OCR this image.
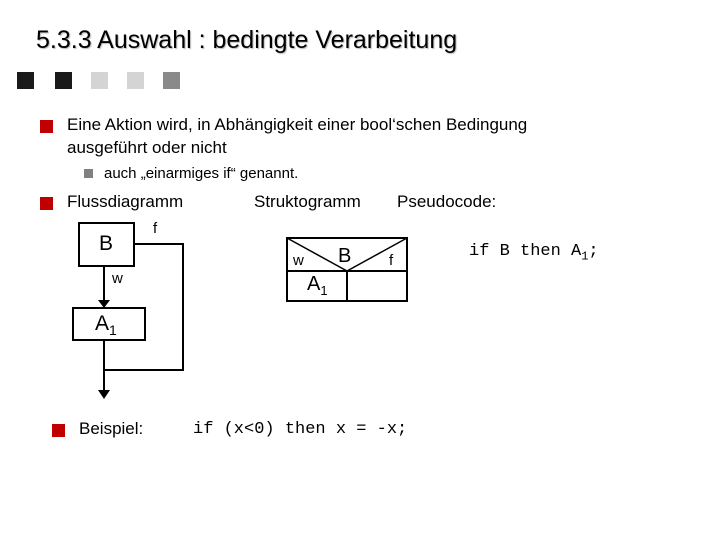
5.3.3 Auswahl : bedingte Verarbeitung
Eine Aktion wird, in Abhängigkeit einer bool‘schen Bedingung
ausgeführt oder nicht
auch „einarmiges if“ genannt.
Flussdiagramm	Struktogramm Pseudocode:
B
f
w
$A_1$
w B	f
$A_1$
if B then $A_1$;
Beispiel:	if (x<0) then x = -x;
